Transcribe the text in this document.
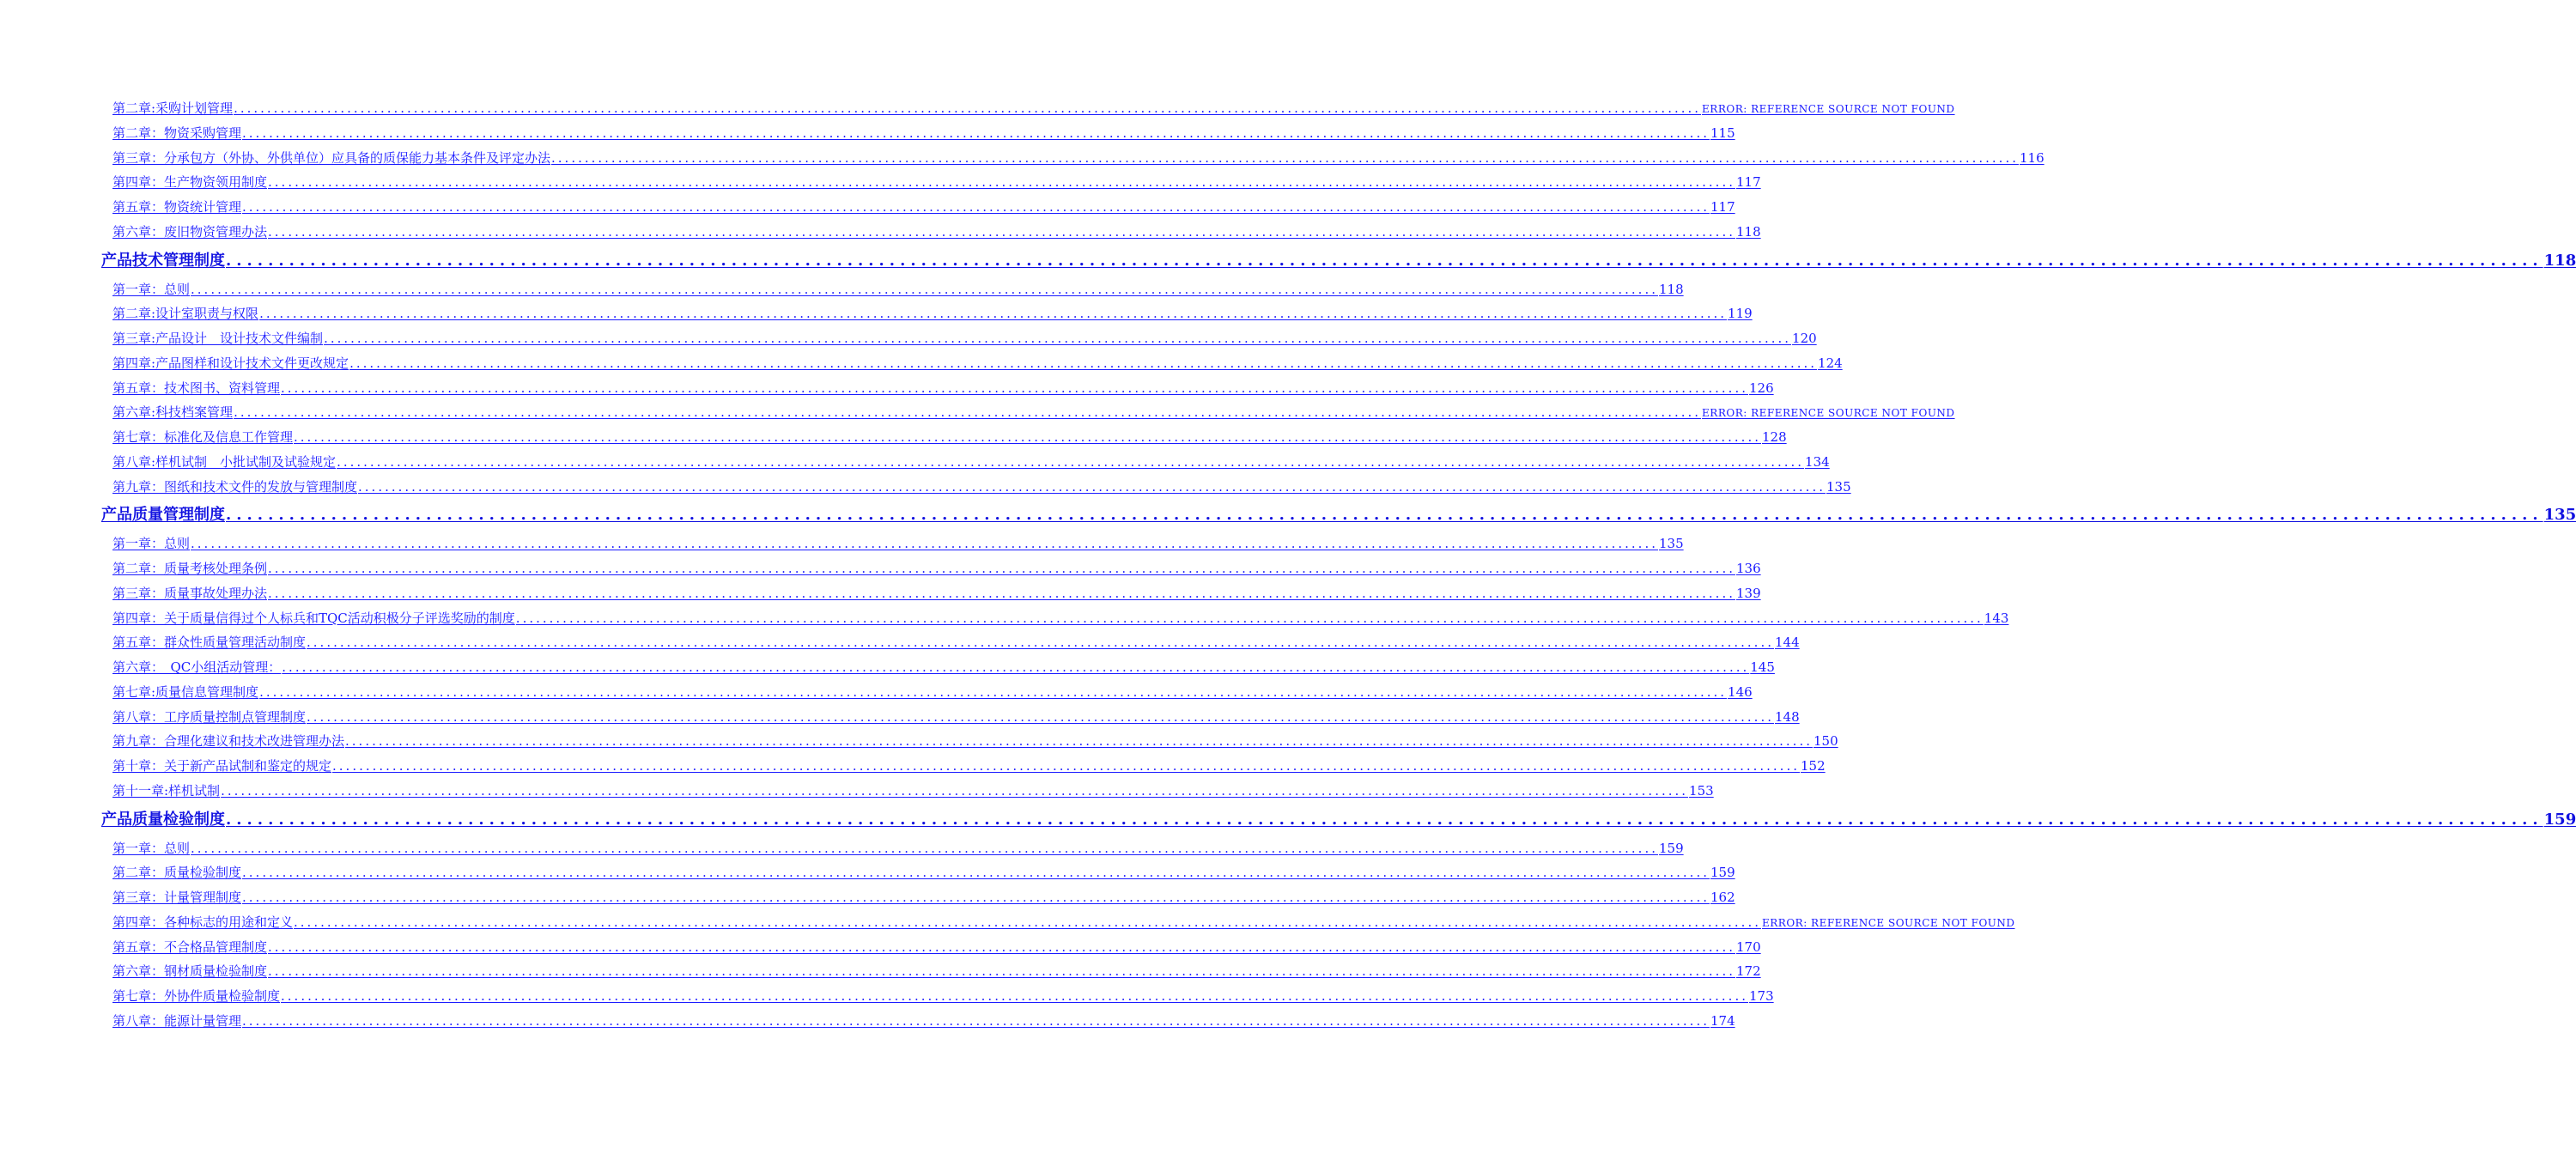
第二章:采购计划管理 ............................................................................................................................................................................................................................ ERROR: REFERENCE SOURCE NOT FOUND
第二章：物资采购管理 ............................................................................................................................................................................................................................ 115
第三章：分承包方（外协、外供单位）应具备的质保能力基本条件及评定办法 ............................................................................................................................................................................................................................ 116
第四章：生产物资领用制度 ............................................................................................................................................................................................................................ 117
第五章：物资统计管理 ............................................................................................................................................................................................................................ 117
第六章：废旧物资管理办法 ............................................................................................................................................................................................................................ 118
产品技术管理制度 ............................................................................................................................................................................................................................ 118
第一章：总则 ............................................................................................................................................................................................................................ 118
第二章:设计室职责与权限 ............................................................................................................................................................................................................................ 119
第三章:产品设计　设计技术文件编制 ............................................................................................................................................................................................................................ 120
第四章:产品图样和设计技术文件更改规定 ............................................................................................................................................................................................................................ 124
第五章：技术图书、资料管理 ............................................................................................................................................................................................................................ 126
第六章:科技档案管理 ............................................................................................................................................................................................................................ ERROR: REFERENCE SOURCE NOT FOUND
第七章：标准化及信息工作管理 ............................................................................................................................................................................................................................ 128
第八章:样机试制　小批试制及试验规定 ............................................................................................................................................................................................................................ 134
第九章：图纸和技术文件的发放与管理制度 ............................................................................................................................................................................................................................ 135
产品质量管理制度 ............................................................................................................................................................................................................................ 135
第一章：总则 ............................................................................................................................................................................................................................ 135
第二章：质量考核处理条例 ............................................................................................................................................................................................................................ 136
第三章：质量事故处理办法 ............................................................................................................................................................................................................................ 139
第四章：关于质量信得过个人标兵和TQC活动积极分子评选奖励的制度 ............................................................................................................................................................................................................................ 143
第五章：群众性质量管理活动制度 ............................................................................................................................................................................................................................ 144
第六章：　QC小组活动管理： ............................................................................................................................................................................................................................ 145
第七章:质量信息管理制度 ............................................................................................................................................................................................................................ 146
第八章：工序质量控制点管理制度 ............................................................................................................................................................................................................................ 148
第九章：合理化建议和技术改进管理办法 ............................................................................................................................................................................................................................ 150
第十章：关于新产品试制和鉴定的规定 ............................................................................................................................................................................................................................ 152
第十一章:样机试制 ............................................................................................................................................................................................................................ 153
产品质量检验制度 ............................................................................................................................................................................................................................ 159
第一章：总则 ............................................................................................................................................................................................................................ 159
第二章：质量检验制度 ............................................................................................................................................................................................................................ 159
第三章：计量管理制度 ............................................................................................................................................................................................................................ 162
第四章：各种标志的用途和定义 ............................................................................................................................................................................................................................ ERROR: REFERENCE SOURCE NOT FOUND
第五章：不合格品管理制度 ............................................................................................................................................................................................................................ 170
第六章：钢材质量检验制度 ............................................................................................................................................................................................................................ 172
第七章：外协件质量检验制度 ............................................................................................................................................................................................................................ 173
第八章：能源计量管理 ............................................................................................................................................................................................................................ 174
